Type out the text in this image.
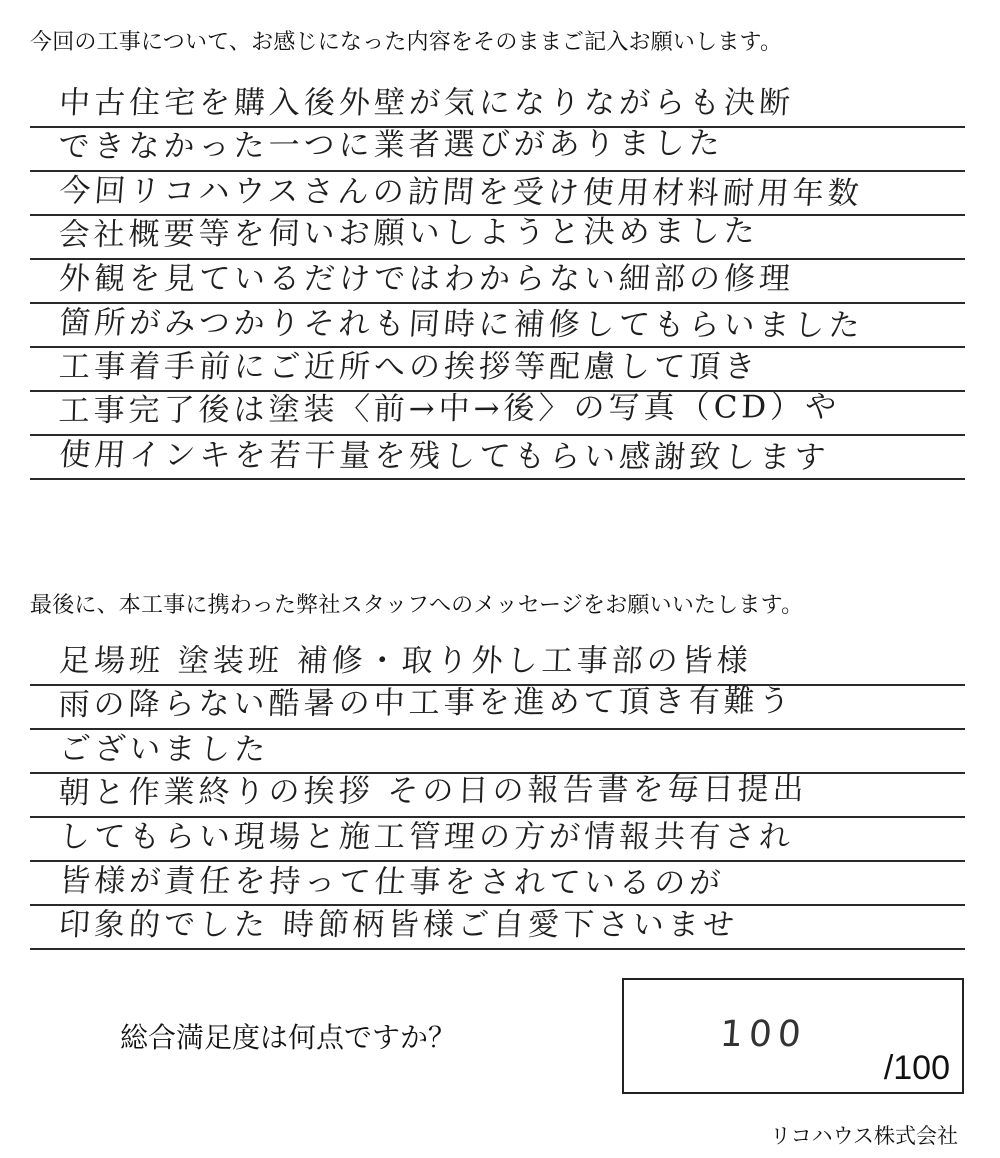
今回の工事について、お感じになった内容をそのままご記入お願いします。
中古住宅を購入後外壁が気になりながらも決断
できなかった一つに業者選びがありました
今回リコハウスさんの訪問を受け使用材料耐用年数
会社概要等を伺いお願いしようと決めました
外観を見ているだけではわからない細部の修理
箇所がみつかりそれも同時に補修してもらいました
工事着手前にご近所への挨拶等配慮して頂き
工事完了後は塗装〈前→中→後〉の写真（CD）や
使用インキを若干量を残してもらい感謝致します
最後に、本工事に携わった弊社スタッフへのメッセージをお願いいたします。
足場班 塗装班 補修・取り外し工事部の皆様
雨の降らない酷暑の中工事を進めて頂き有難う
ございました
朝と作業終りの挨拶 その日の報告書を毎日提出
してもらい現場と施工管理の方が情報共有され
皆様が責任を持って仕事をされているのが
印象的でした 時節柄皆様ご自愛下さいませ
総合満足度は何点ですか？	100
/100
リコハウス株式会社
